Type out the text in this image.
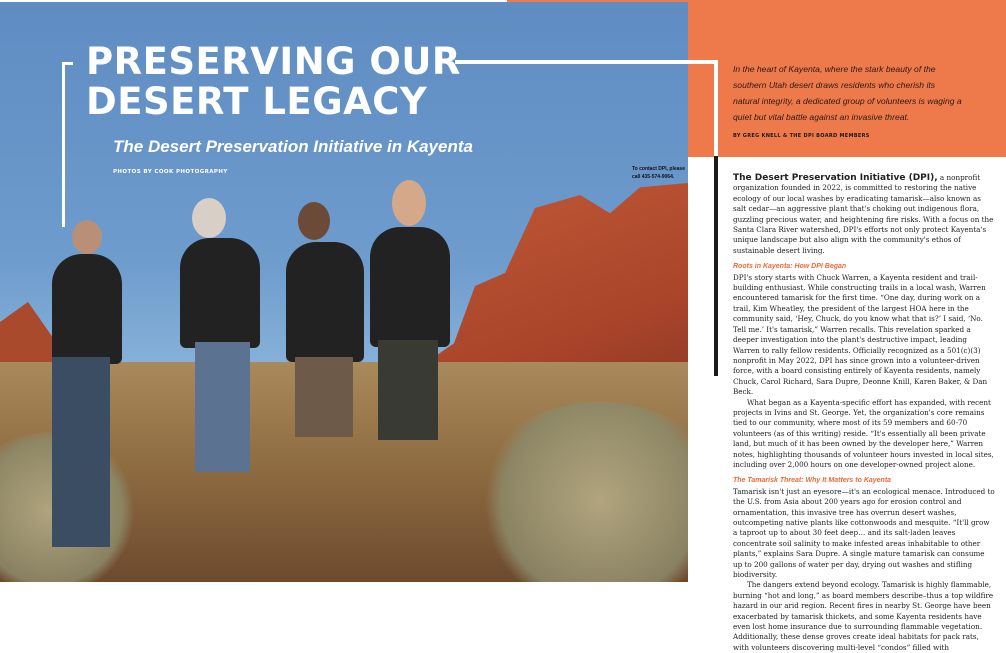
PRESERVING OUR
DESERT LEGACY
The Desert Preservation Initiative in Kayenta
PHOTOS BY COOK PHOTOGRAPHY	To contact DPI, please call 435-574-9064.
In the heart of Kayenta, where the stark beauty of the southern Utah desert draws residents who cherish its natural integrity, a dedicated group of volunteers is waging a quiet but vital battle against an invasive threat.
BY GREG KNELL & THE DPI BOARD MEMBERS

The Desert Preservation Initiative (DPI), a nonprofit organization founded in 2022, is committed to restoring the native ecology of our local washes by eradicating tamarisk—also known as salt cedar—an aggressive plant that's choking out indigenous flora, guzzling precious water, and heightening fire risks. With a focus on the Santa Clara River watershed, DPI's efforts not only protect Kayenta's unique landscape but also align with the community's ethos of sustainable desert living.

Roots in Kayenta: How DPI Began

DPI's story starts with Chuck Warren, a Kayenta resident and trail-building enthusiast. While constructing trails in a local wash, Warren encountered tamarisk for the first time. “One day, during work on a trail, Kim Wheatley, the president of the largest HOA here in the community said, ‘Hey, Chuck, do you know what that is?’ I said, ‘No. Tell me.’ It's tamarisk,” Warren recalls. This revelation sparked a deeper investigation into the plant's destructive impact, leading Warren to rally fellow residents. Officially recognized as a 501(c)(3) nonprofit in May 2022, DPI has since grown into a volunteer-driven force, with a board consisting entirely of Kayenta residents, namely Chuck, Carol Richard, Sara Dupre, Deonne Knill, Karen Baker, & Dan Beck.

What began as a Kayenta-specific effort has expanded, with recent projects in Ivins and St. George. Yet, the organization's core remains tied to our community, where most of its 59 members and 60-70 volunteers (as of this writing) reside. “It's essentially all been private land, but much of it has been owned by the developer here,” Warren notes, highlighting thousands of volunteer hours invested in local sites, including over 2,000 hours on one developer-owned project alone.

The Tamarisk Threat: Why It Matters to Kayenta

Tamarisk isn't just an eyesore—it's an ecological menace. Introduced to the U.S. from Asia about 200 years ago for erosion control and ornamentation, this invasive tree has overrun desert washes, outcompeting native plants like cottonwoods and mesquite. “It'll grow a taproot up to about 30 feet deep… and its salt-laden leaves concentrate soil salinity to make infested areas inhabitable to other plants,” explains Sara Dupre. A single mature tamarisk can consume up to 200 gallons of water per day, drying out washes and stifling biodiversity.

The dangers extend beyond ecology. Tamarisk is highly flammable, burning “hot and long,” as board members describe–thus a top wildfire hazard in our arid region. Recent fires in nearby St. George have been exacerbated by tamarisk thickets, and some Kayenta residents have even lost home insurance due to surrounding flammable vegetation. Additionally, these dense groves create ideal habitats for pack rats, with volunteers discovering multi-level “condos” filled with
